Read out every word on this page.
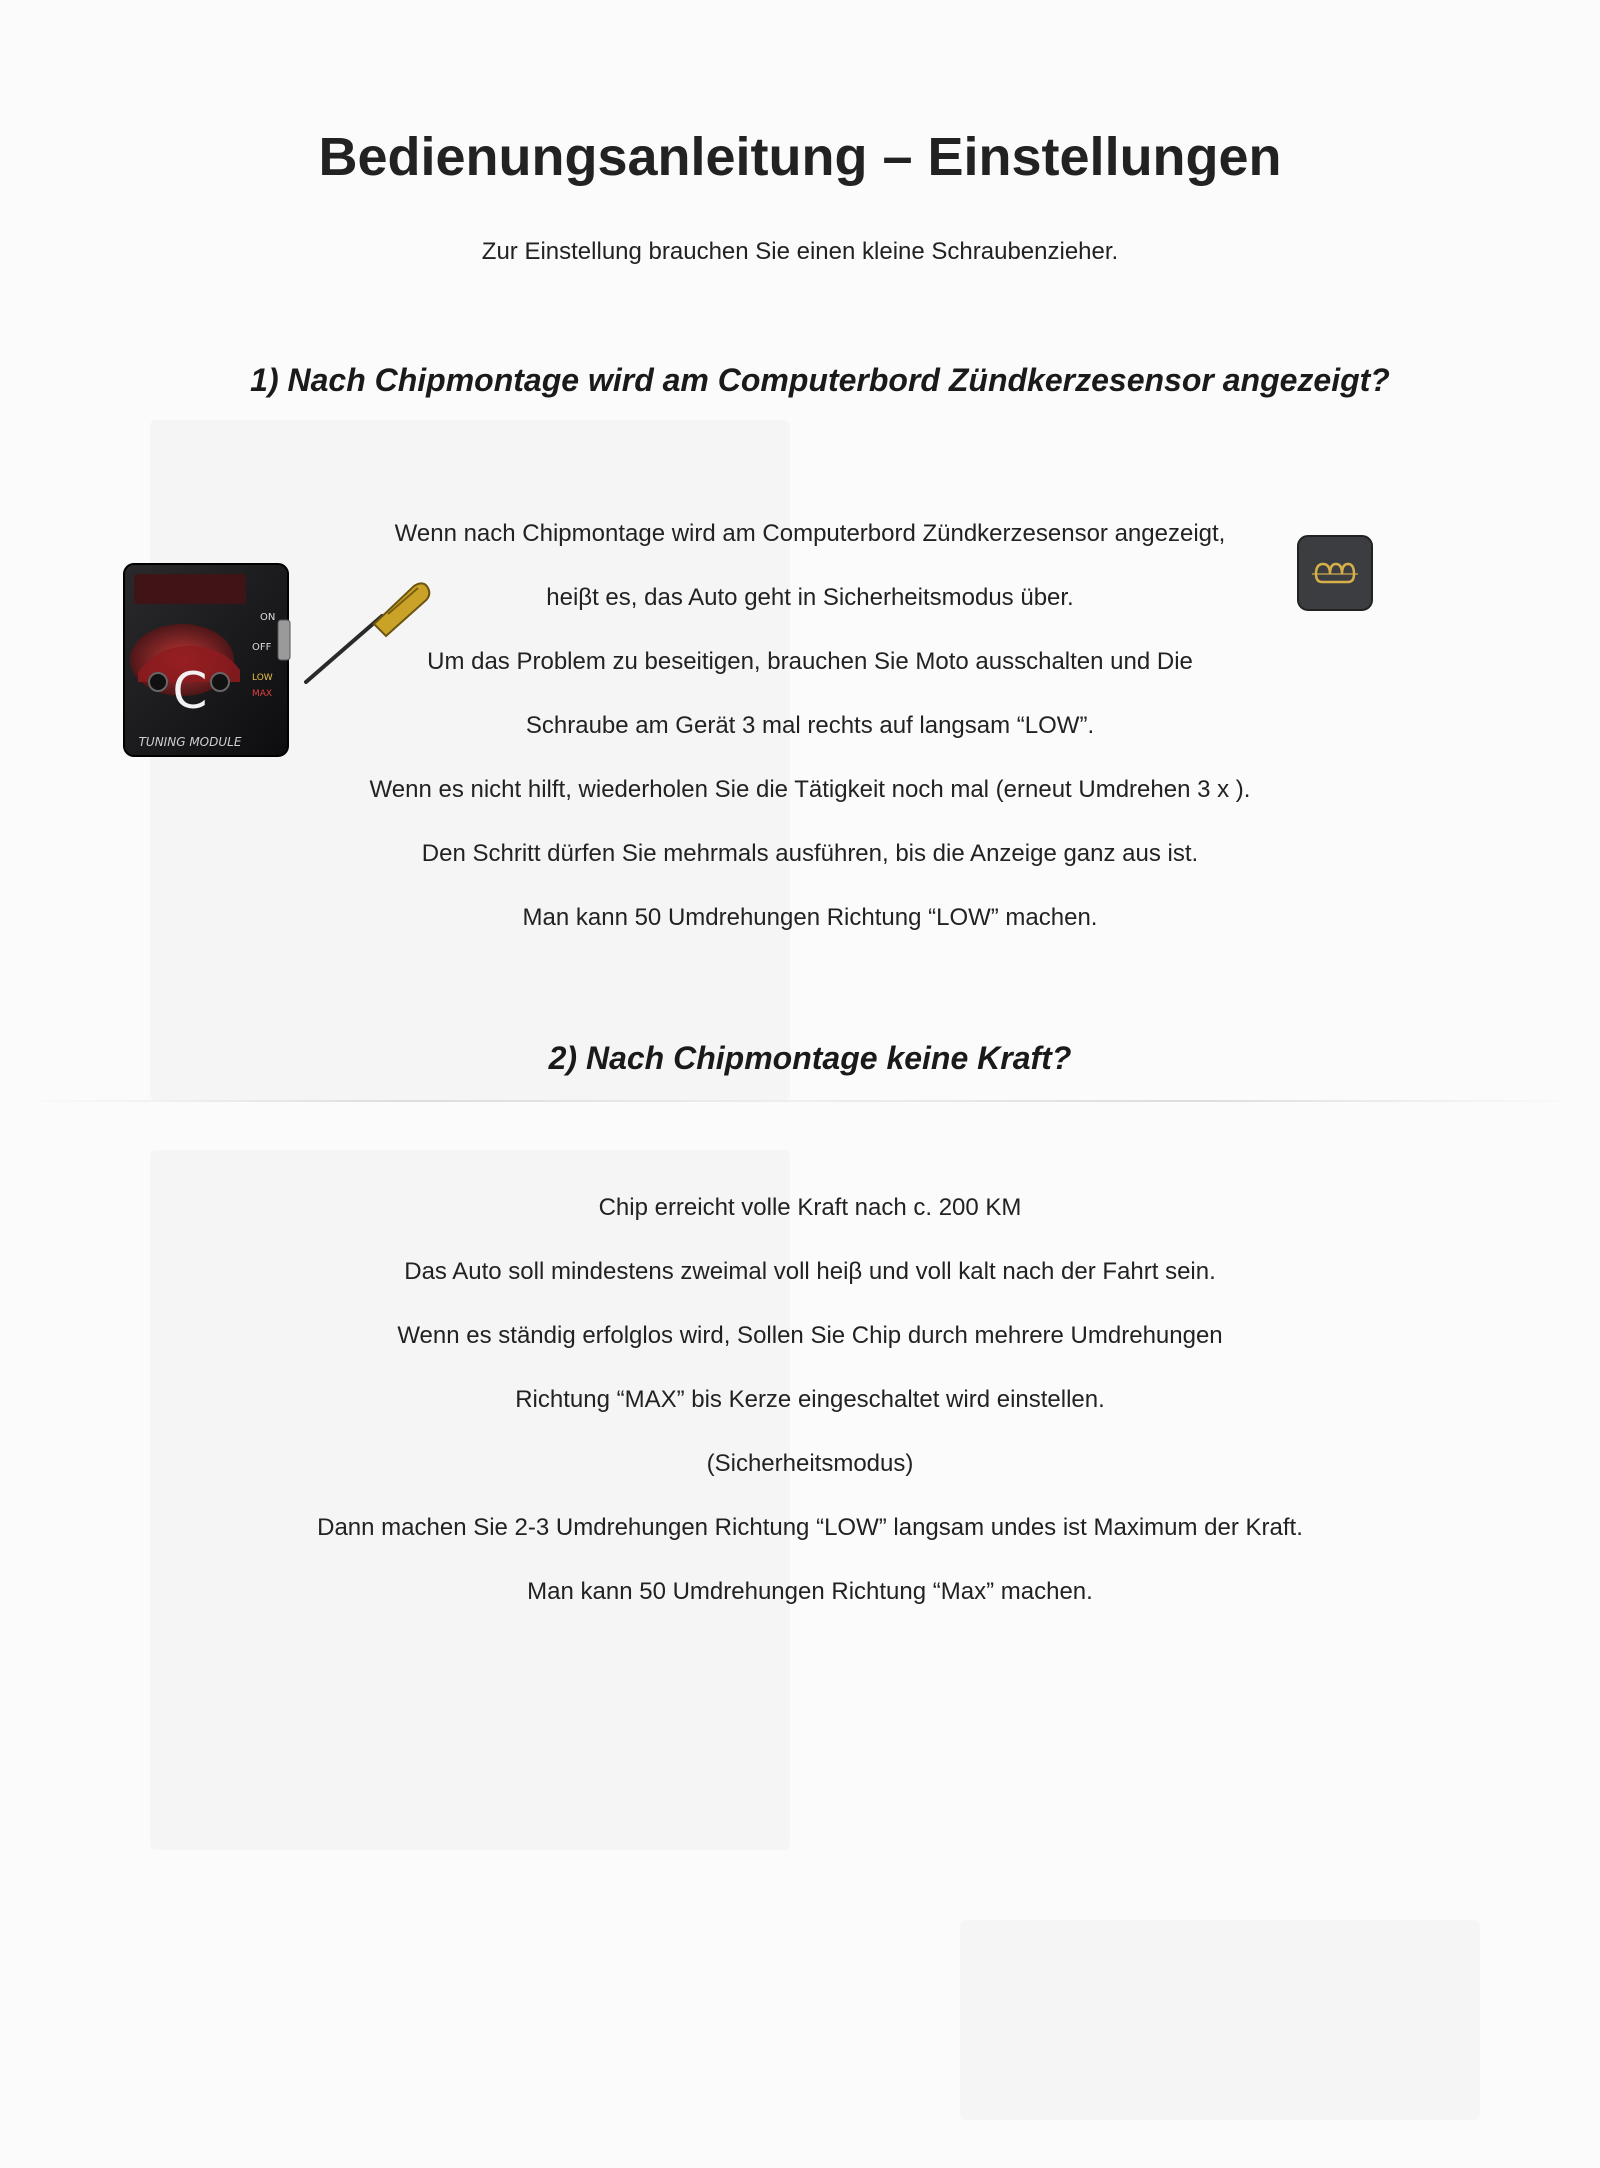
Bedienungsanleitung – Einstellungen
Zur Einstellung brauchen Sie einen kleine Schraubenzieher.
1) Nach Chipmontage wird am Computerbord Zündkerzesensor angezeigt?
C
ON
OFF
LOW
MAX
TUNING MODULE
Wenn nach Chipmontage wird am Computerbord Zündkerzesensor angezeigt,
heiβt es, das Auto geht in Sicherheitsmodus über.
Um das Problem zu beseitigen, brauchen Sie Moto ausschalten und Die
Schraube am Gerät 3 mal rechts auf langsam “LOW”.
Wenn es nicht hilft, wiederholen Sie die Tätigkeit noch mal (erneut Umdrehen 3 x ).
Den Schritt dürfen Sie mehrmals ausführen, bis die Anzeige ganz aus ist.
Man kann 50 Umdrehungen Richtung “LOW” machen.
2) Nach Chipmontage keine Kraft?
Chip erreicht volle Kraft nach c. 200 KM
Das Auto soll mindestens zweimal voll heiβ und voll kalt nach der Fahrt sein.
Wenn es ständig erfolglos wird, Sollen Sie Chip durch mehrere Umdrehungen
Richtung “MAX” bis Kerze eingeschaltet wird einstellen.
(Sicherheitsmodus)
Dann machen Sie 2-3 Umdrehungen Richtung “LOW” langsam undes ist Maximum der Kraft.
Man kann 50 Umdrehungen Richtung “Max” machen.
